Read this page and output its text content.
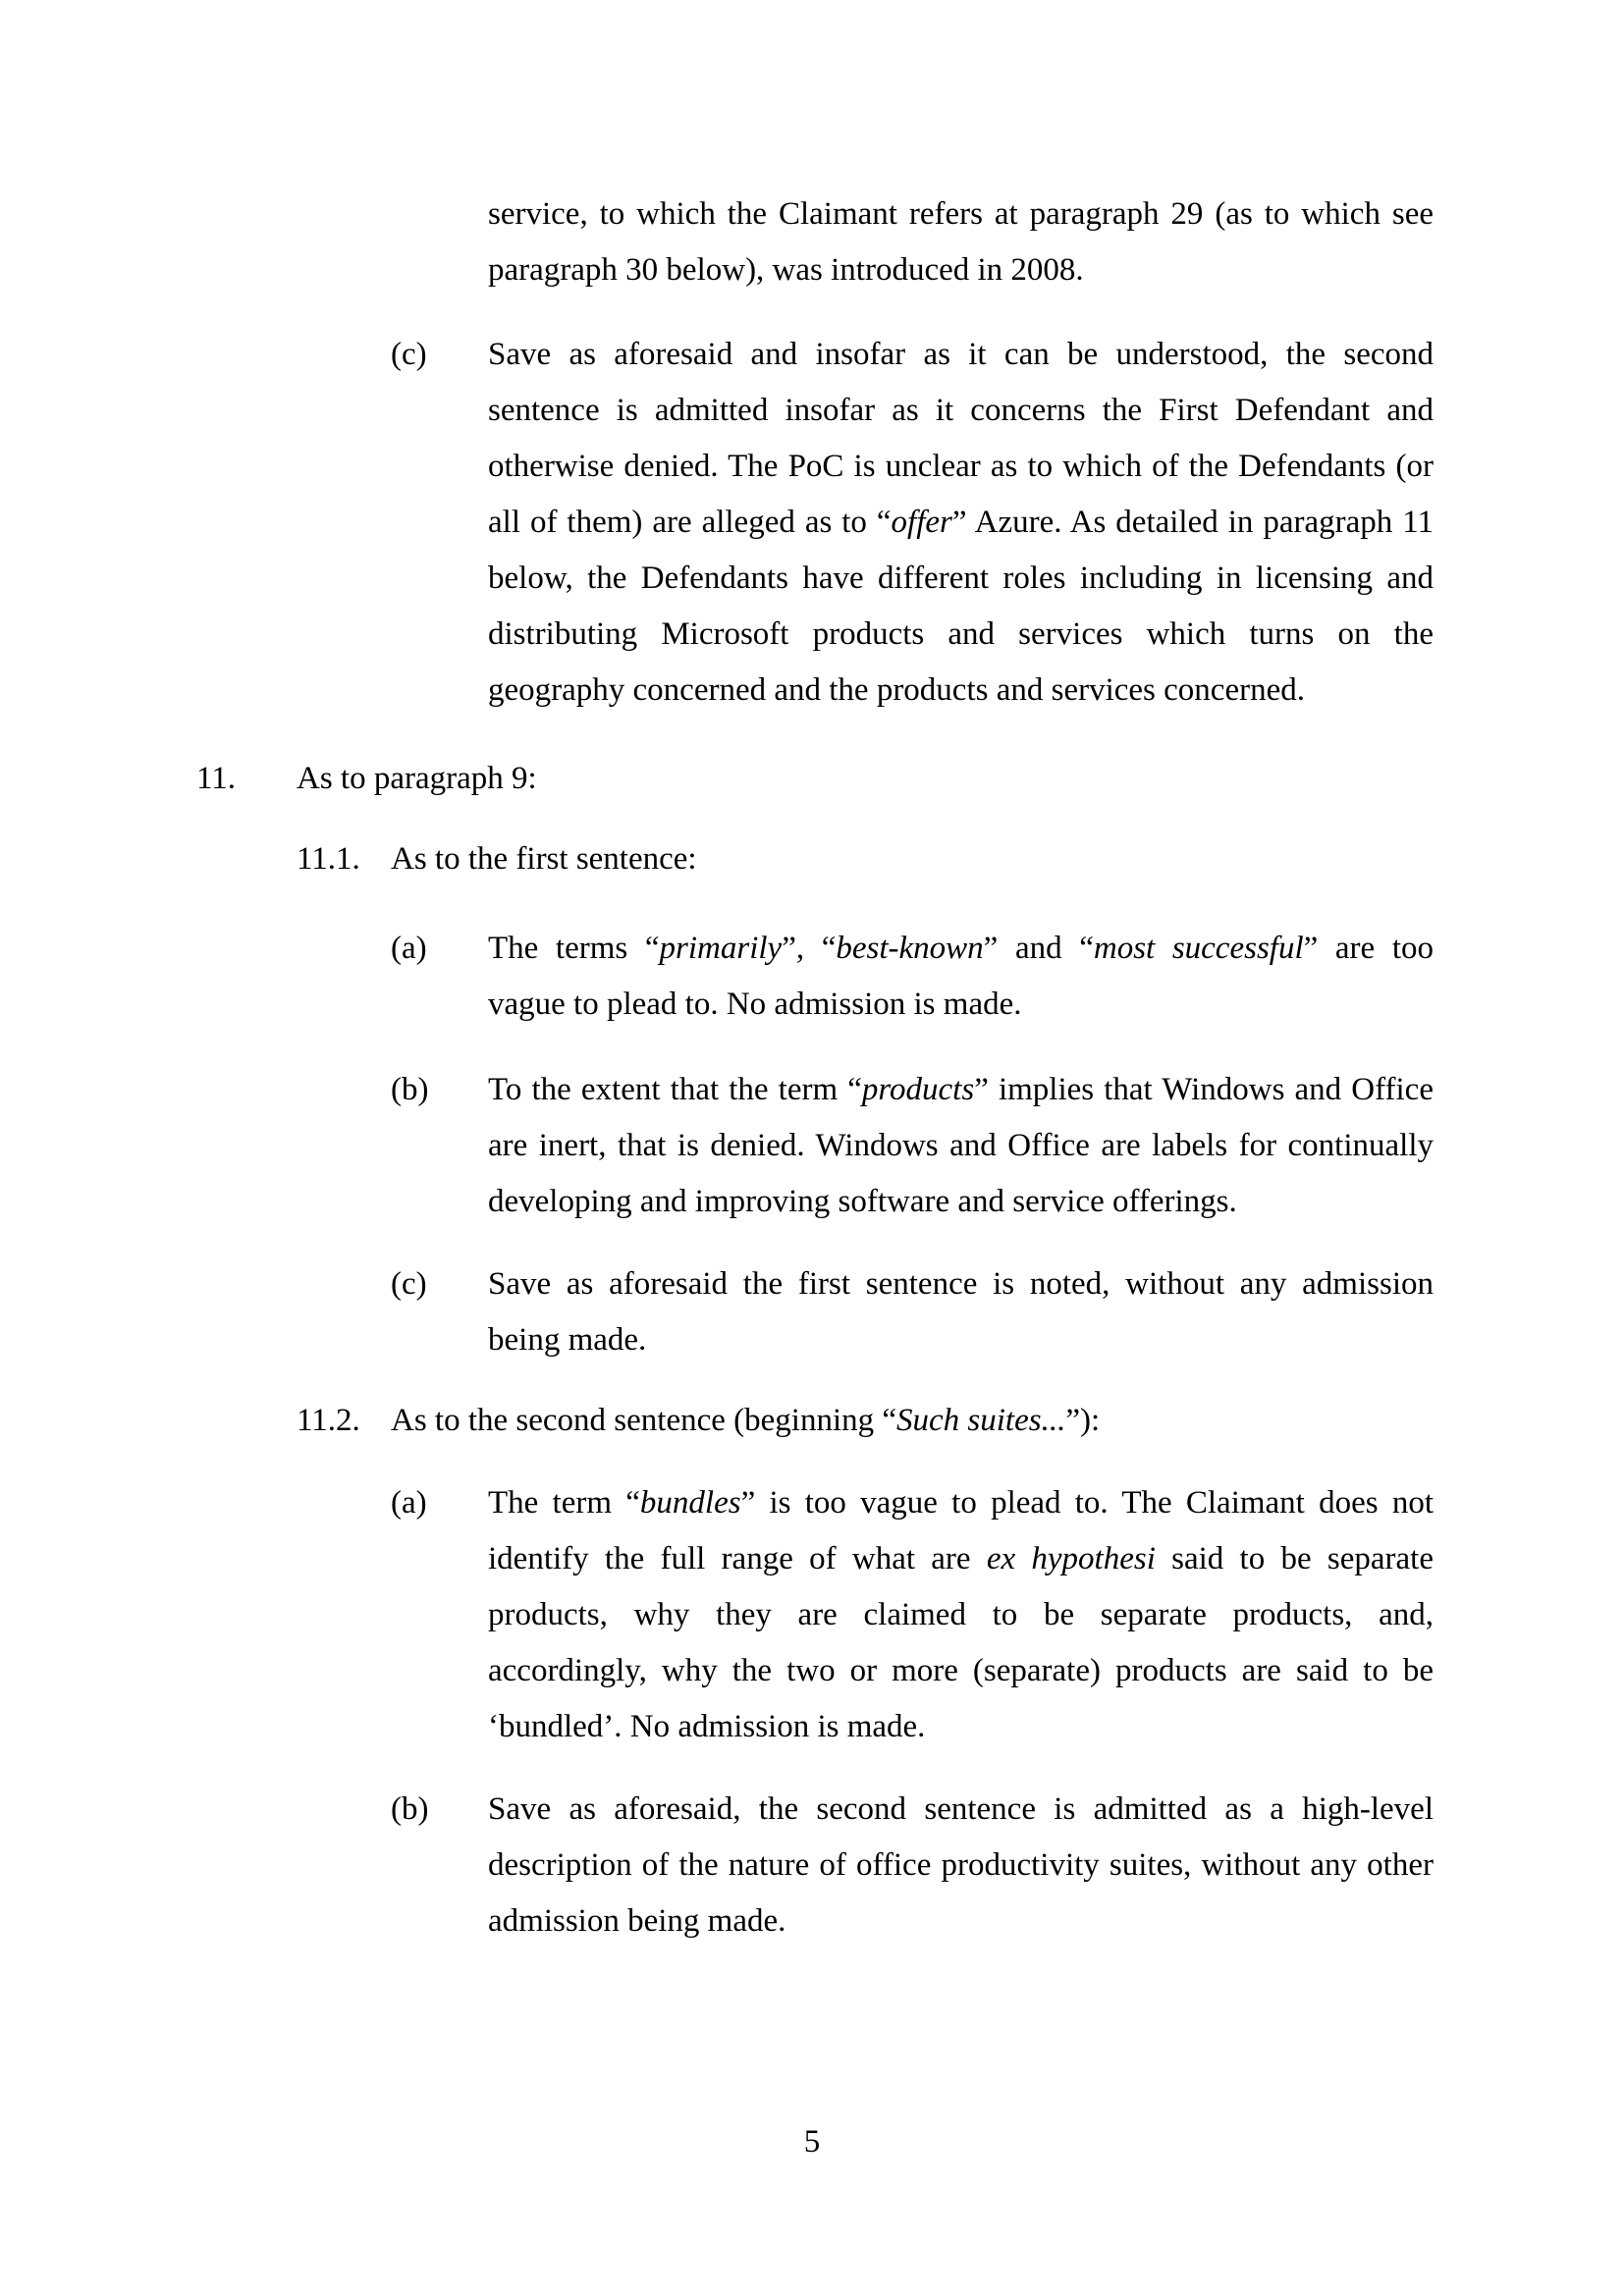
service, to which the Claimant refers at paragraph 29 (as to which see paragraph 30 below), was introduced in 2008.
(c)	Save as aforesaid and insofar as it can be understood, the second sentence is admitted insofar as it concerns the First Defendant and otherwise denied. The PoC is unclear as to which of the Defendants (or all of them) are alleged as to “offer” Azure. As detailed in paragraph 11 below, the Defendants have different roles including in licensing and distributing Microsoft products and services which turns on the geography concerned and the products and services concerned.
11.	As to paragraph 9:
11.1. As to the first sentence:
(a)	The terms “primarily”, “best-known” and “most successful” are too vague to plead to. No admission is made.
(b)	To the extent that the term “products” implies that Windows and Office are inert, that is denied. Windows and Office are labels for continually developing and improving software and service offerings.
(c)	Save as aforesaid the first sentence is noted, without any admission being made.
11.2. As to the second sentence (beginning “Such suites...”):
(a)	The term “bundles” is too vague to plead to. The Claimant does not identify the full range of what are ex hypothesi said to be separate products, why they are claimed to be separate products, and, accordingly, why the two or more (separate) products are said to be ‘bundled’. No admission is made.
(b)	Save as aforesaid, the second sentence is admitted as a high-level description of the nature of office productivity suites, without any other admission being made.
5
